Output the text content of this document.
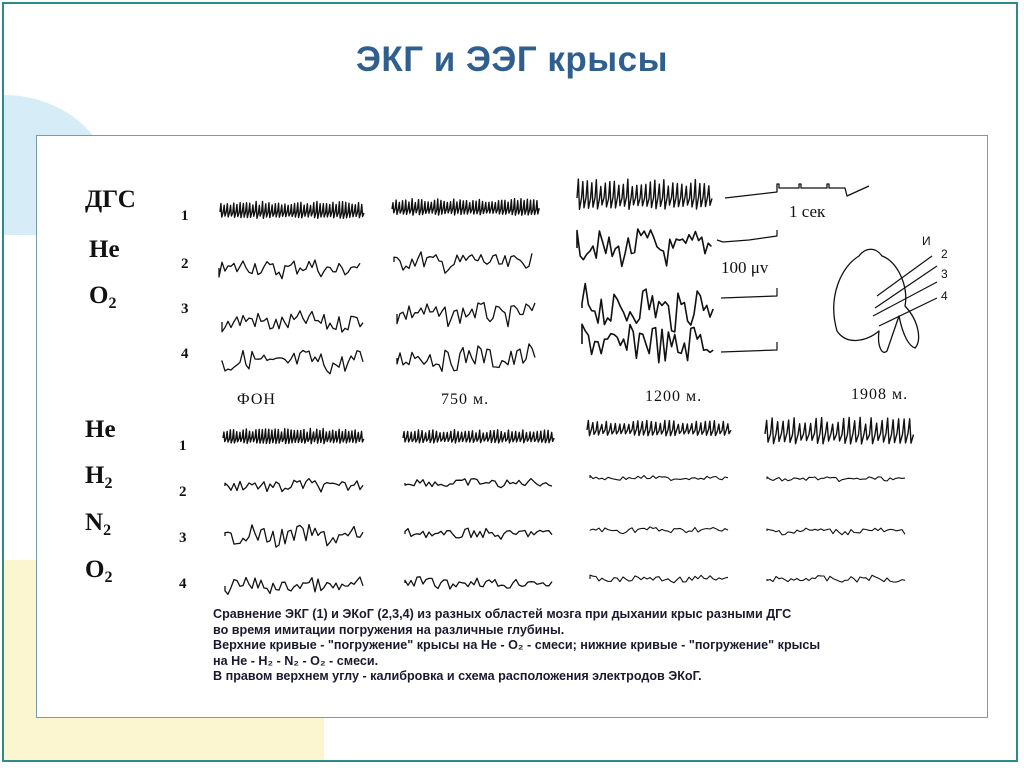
ЭКГ и ЭЭГ крысы
ДГС
He
$O_2$
1
2
3
4
ФОН	750 м.	1200 м.	1908 м.
1 сек
100 μv
И
2
3
4
He
$H_2$
$N_2$
$O_2$
1
2
3
4
Сравнение ЭКГ (1) и ЭКоГ (2,3,4) из разных областей мозга при дыхании крыс разными ДГС
во время имитации погружения на различные глубины.
Верхние кривые - "погружение" крысы на He - O₂ - смеси; нижние кривые - "погружение" крысы
на He - H₂ - N₂ - O₂ - смеси.
В правом верхнем углу - калибровка и схема расположения электродов ЭКоГ.
